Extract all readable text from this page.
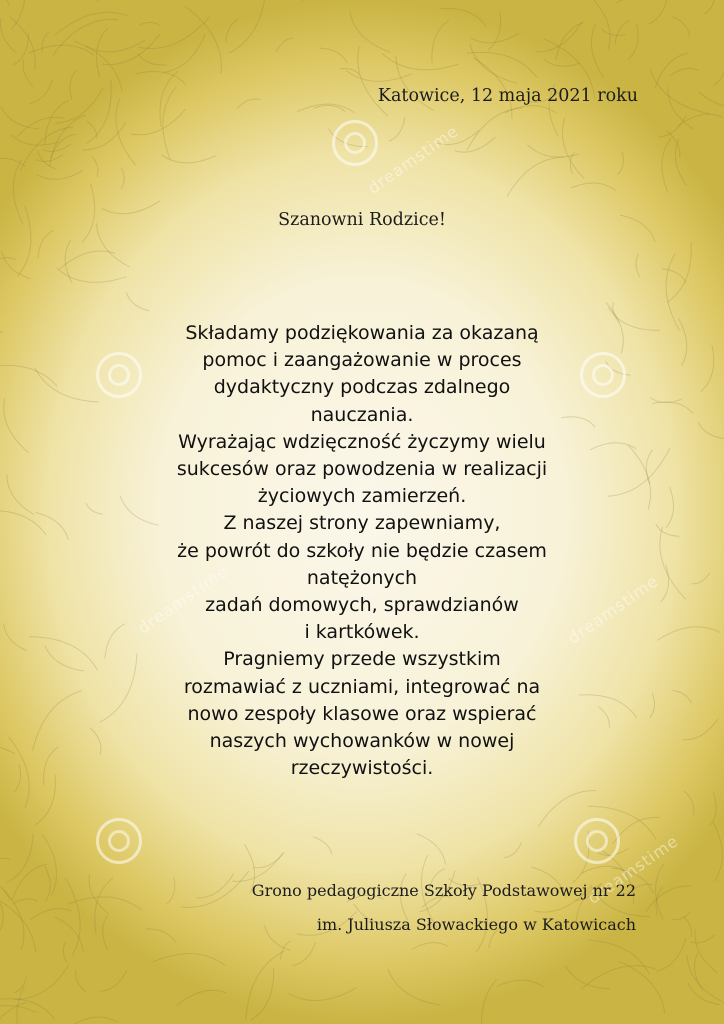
dreamstime
dreamstime	dreamstime
dreamstime
Katowice, 12 maja 2021 roku
Szanowni Rodzice!
Składamy podziękowania za okazaną
pomoc i zaangażowanie w proces
dydaktyczny podczas zdalnego
nauczania.
Wyrażając wdzięczność życzymy wielu
sukcesów oraz powodzenia w realizacji
życiowych zamierzeń.
Z naszej strony zapewniamy,
że powrót do szkoły nie będzie czasem
natężonych
zadań domowych, sprawdzianów
i kartkówek.
Pragniemy przede wszystkim
rozmawiać z uczniami, integrować na
nowo zespoły klasowe oraz wspierać
naszych wychowanków w nowej
rzeczywistości.
Grono pedagogiczne Szkoły Podstawowej nr 22
im. Juliusza Słowackiego w Katowicach
